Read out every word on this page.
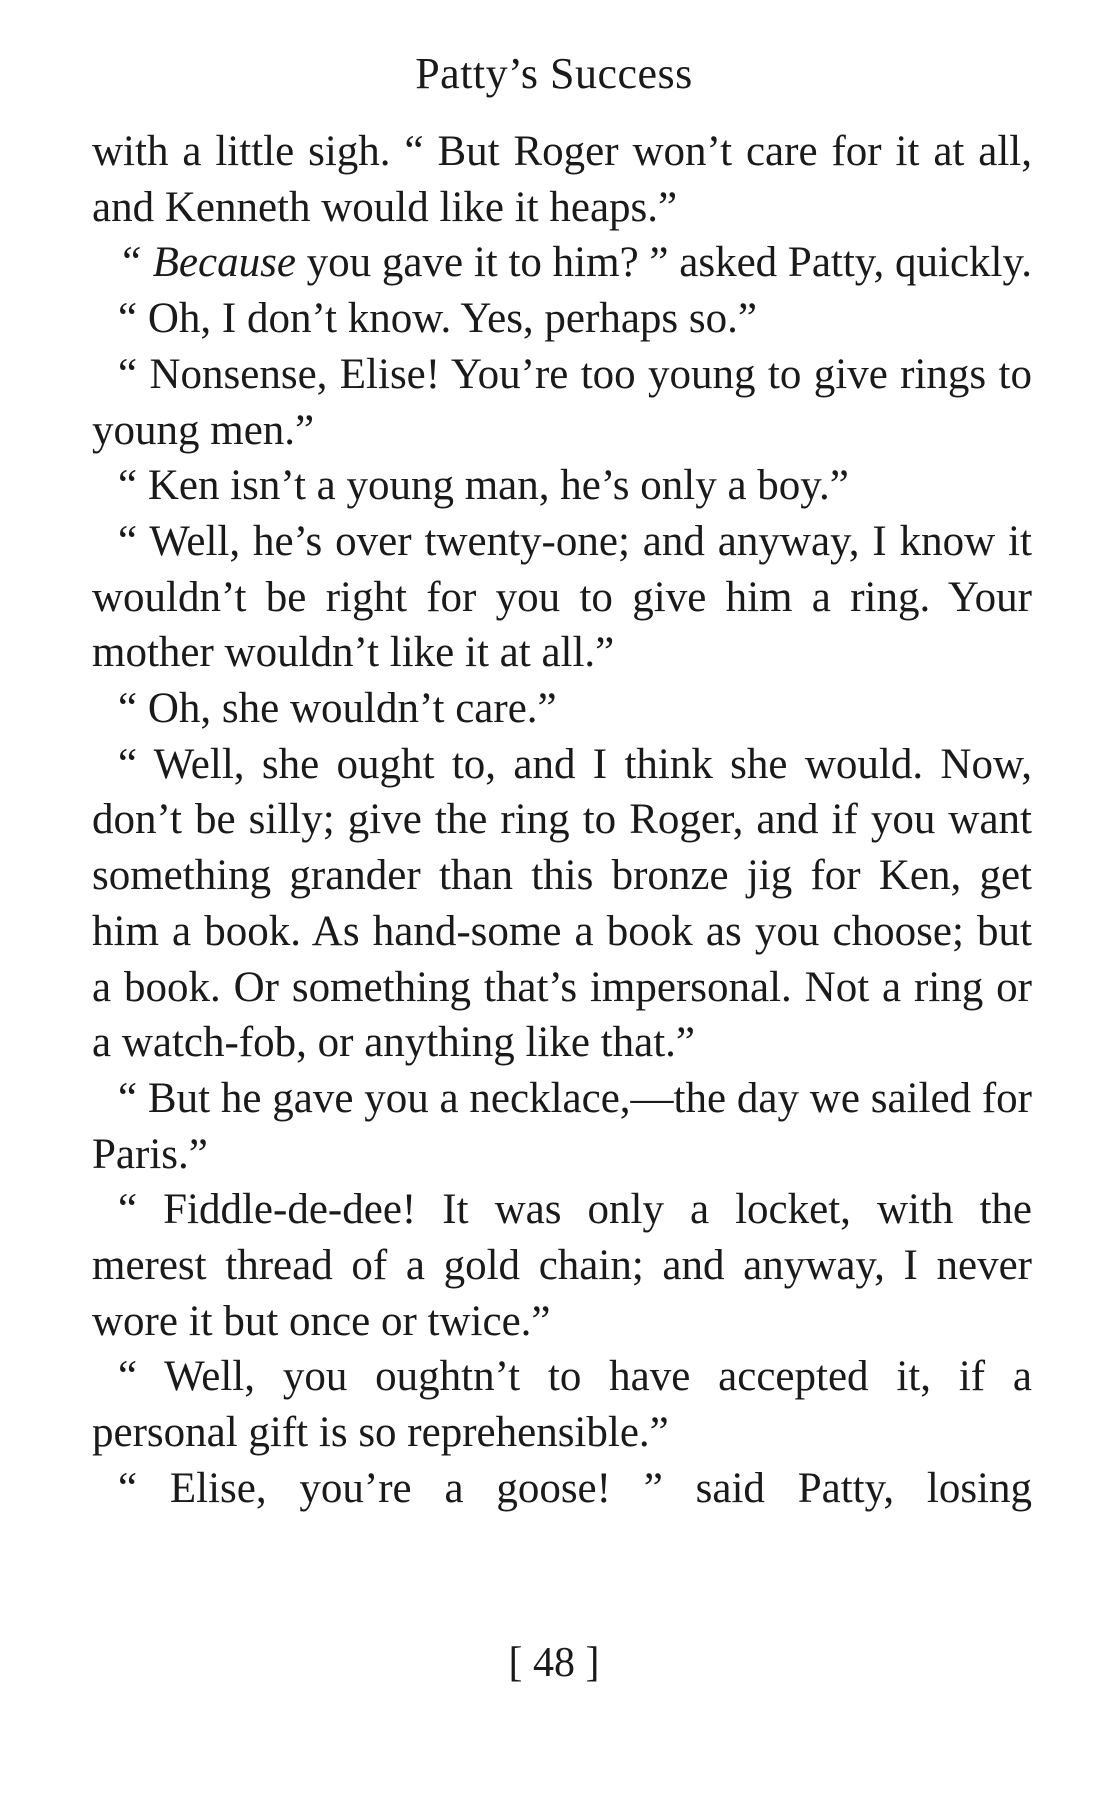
Patty’s Success

with a little sigh. “ But Roger won’t care for it at all, and Kenneth would like it heaps.”

“ Because you gave it to him? ” asked Patty, quickly.

“ Oh, I don’t know. Yes, perhaps so.”

“ Nonsense, Elise! You’re too young to give rings to young men.”

“ Ken isn’t a young man, he’s only a boy.”

“ Well, he’s over twenty-one; and anyway, I know it wouldn’t be right for you to give him a ring. Your mother wouldn’t like it at all.”

“ Oh, she wouldn’t care.”

“ Well, she ought to, and I think she would. Now, don’t be silly; give the ring to Roger, and if you want something grander than this bronze jig for Ken, get him a book. As hand-some a book as you choose; but a book. Or something that’s impersonal. Not a ring or a watch-fob, or anything like that.”

“ But he gave you a necklace,—the day we sailed for Paris.”

“ Fiddle-de-dee! It was only a locket, with the merest thread of a gold chain; and anyway, I never wore it but once or twice.”

“ Well, you oughtn’t to have accepted it, if a personal gift is so reprehensible.”

“ Elise, you’re a goose! ” said Patty, losing

[ 48 ]
